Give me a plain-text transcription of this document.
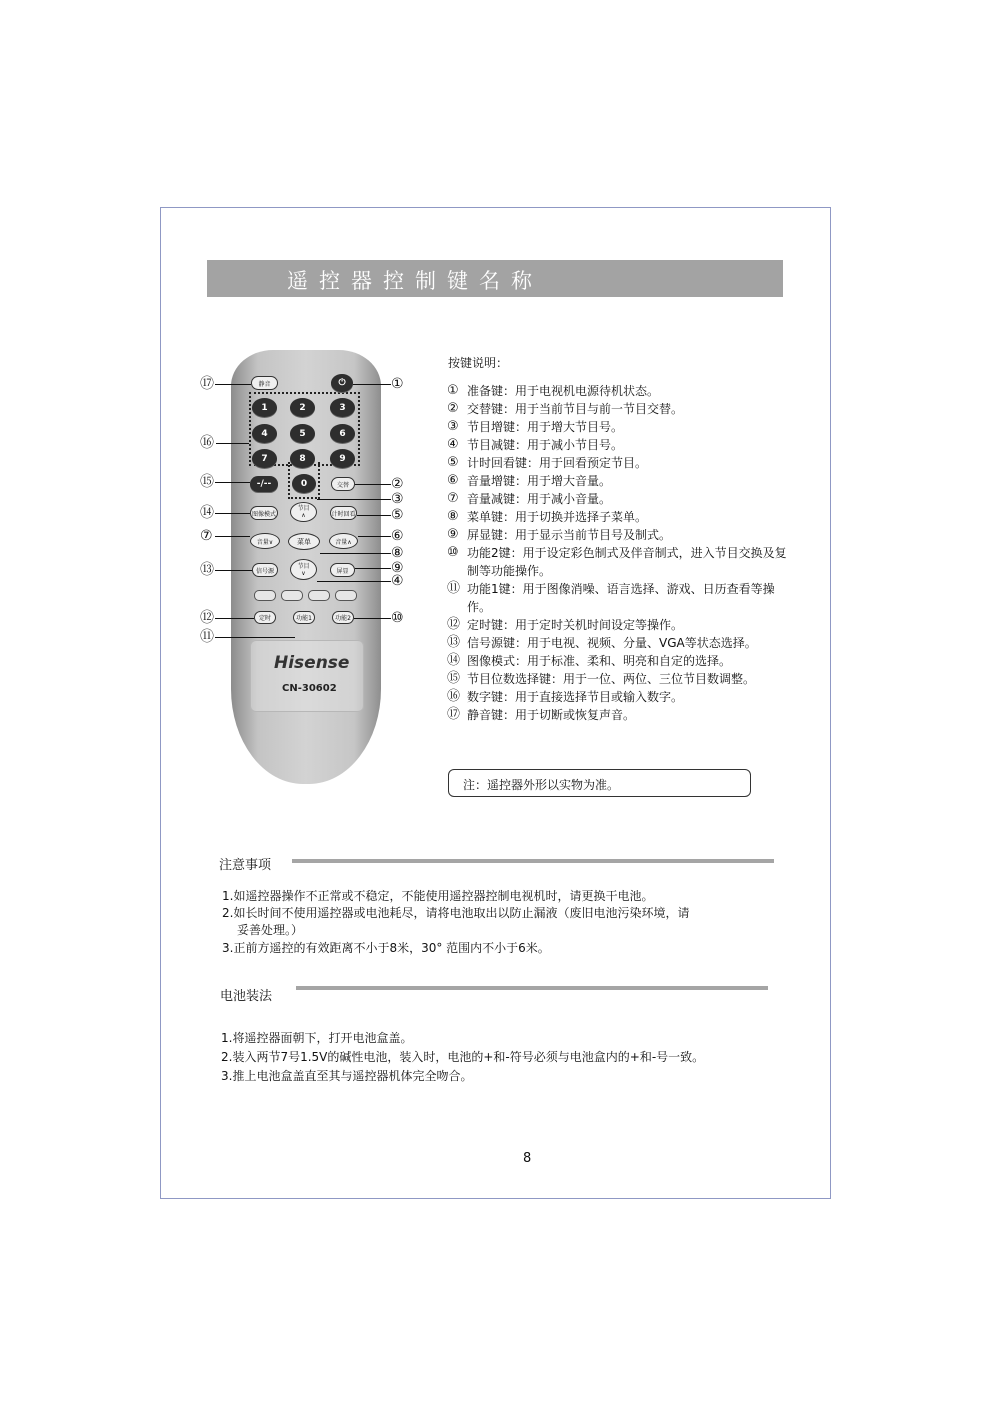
遥控器控制键名称
静音	⏻
1	2	3
4	5	6
7	8	9
-/--	0	交替
节目
∧
图像模式	计时回看
音量∨	菜单	音量∧
信号源
节目
∨	屏显
定时	功能1	功能2
Hisense
CN-30602
⑰	①
⑯
⑮	②
③
⑭	⑤
⑦	⑥
⑧
⑨
⑬
④
⑫	⑩
⑪
按键说明：
① 准备键：用于电视机电源待机状态。
② 交替键：用于当前节目与前一节目交替。
③ 节目增键：用于增大节目号。
④ 节目减键：用于减小节目号。
⑤ 计时回看键：用于回看预定节目。
⑥ 音量增键：用于增大音量。
⑦ 音量减键：用于减小音量。
⑧ 菜单键：用于切换并选择子菜单。
⑨ 屏显键：用于显示当前节目号及制式。
⑩ 功能2键：用于设定彩色制式及伴音制式，进入节目交换及复制等功能操作。
⑪ 功能1键：用于图像消噪、语言选择、游戏、日历查看等操作。
⑫ 定时键：用于定时关机时间设定等操作。
⑬ 信号源键：用于电视、视频、分量、VGA等状态选择。
⑭ 图像模式：用于标准、柔和、明亮和自定的选择。
⑮ 节目位数选择键：用于一位、两位、三位节目数调整。
⑯ 数字键：用于直接选择节目或输入数字。
⑰ 静音键：用于切断或恢复声音。
注：遥控器外形以实物为准。
注意事项
1.如遥控器操作不正常或不稳定，不能使用遥控器控制电视机时，请更换干电池。
2.如长时间不使用遥控器或电池耗尽，请将电池取出以防止漏液（废旧电池污染环境，请
妥善处理。）
3.正前方遥控的有效距离不小于8米，30° 范围内不小于6米。
电池装法
1.将遥控器面朝下，打开电池盒盖。
2.装入两节7号1.5V的碱性电池，装入时，电池的+和-符号必须与电池盒内的+和-号一致。
3.推上电池盒盖直至其与遥控器机体完全吻合。
8
